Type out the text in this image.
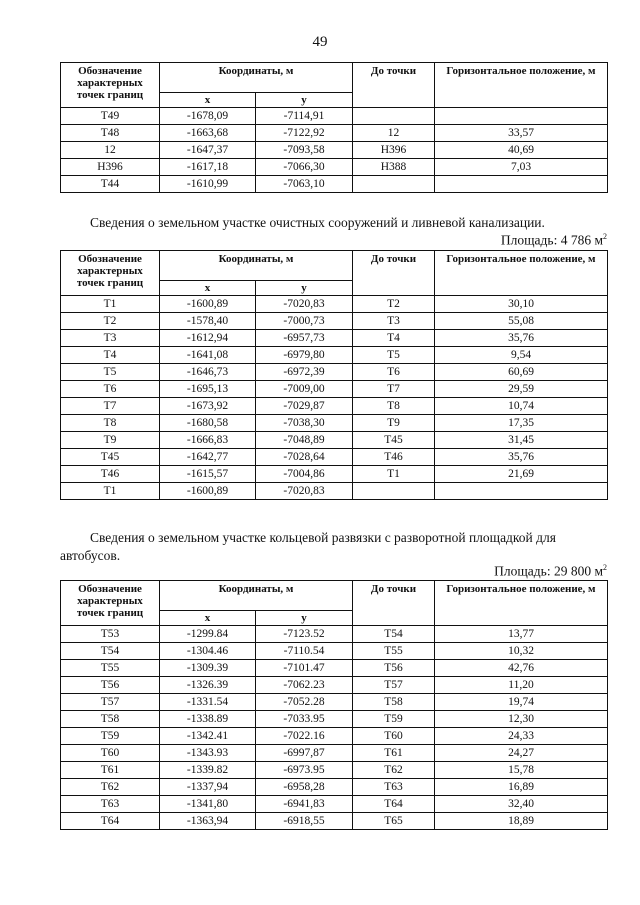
49
Обозначение характерных точек границ	Координаты, м		До точки	Горизонтальное положение, м
	x	y		
Т49	-1678,09	-7114,91		
Т48	-1663,68	-7122,92	12	33,57
12	-1647,37	-7093,58	Н396	40,69
Н396	-1617,18	-7066,30	Н388	7,03
Т44	-1610,99	-7063,10		
Сведения о земельном участке очистных сооружений и ливневой канализации.
Площадь: 4 786 $м^2$
Обозначение характерных точек границ	Координаты, м		До точки	Горизонтальное положение, м
	x	y		
Т1	-1600,89	-7020,83	Т2	30,10
Т2	-1578,40	-7000,73	Т3	55,08
Т3	-1612,94	-6957,73	Т4	35,76
Т4	-1641,08	-6979,80	Т5	9,54
Т5	-1646,73	-6972,39	Т6	60,69
Т6	-1695,13	-7009,00	Т7	29,59
Т7	-1673,92	-7029,87	Т8	10,74
Т8	-1680,58	-7038,30	Т9	17,35
Т9	-1666,83	-7048,89	Т45	31,45
Т45	-1642,77	-7028,64	Т46	35,76
Т46	-1615,57	-7004,86	Т1	21,69
Т1	-1600,89	-7020,83		
Сведения о земельном участке кольцевой развязки с разворотной площадкой для
автобусов.
Площадь: 29 800 $м^2$
Обозначение характерных точек границ	Координаты, м		До точки	Горизонтальное положение, м
	x	y		
Т53	-1299.84	-7123.52	Т54	13,77
Т54	-1304.46	-7110.54	Т55	10,32
Т55	-1309.39	-7101.47	Т56	42,76
Т56	-1326.39	-7062.23	Т57	11,20
Т57	-1331.54	-7052.28	Т58	19,74
Т58	-1338.89	-7033.95	Т59	12,30
Т59	-1342.41	-7022.16	Т60	24,33
Т60	-1343.93	-6997,87	Т61	24,27
Т61	-1339.82	-6973.95	Т62	15,78
Т62	-1337,94	-6958,28	Т63	16,89
Т63	-1341,80	-6941,83	Т64	32,40
Т64	-1363,94	-6918,55	Т65	18,89
